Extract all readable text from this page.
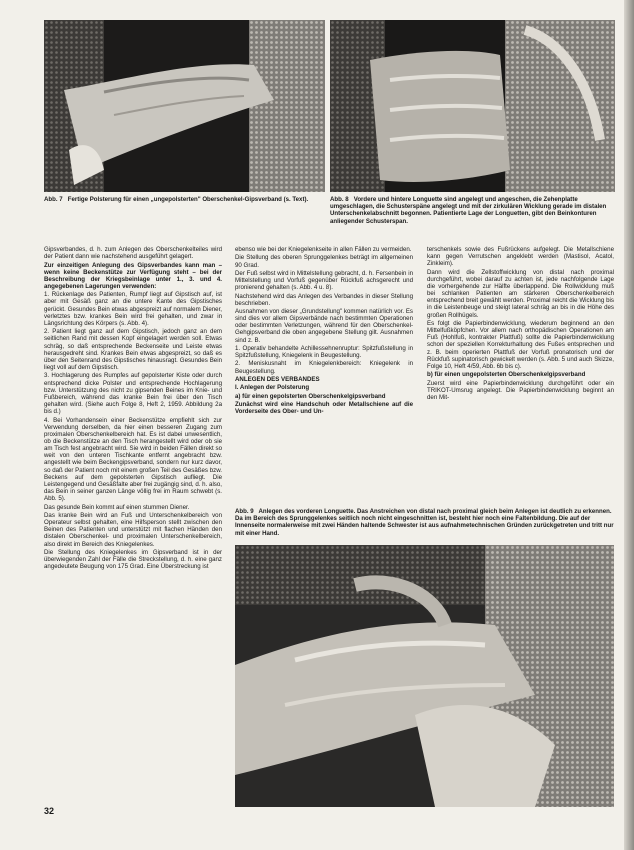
Abb. 7 Fertige Polsterung für einen „ungepolsterten" Oberschenkel-Gipsverband (s. Text).	Abb. 8 Vordere und hintere Longuette sind angelegt und angeschen, die Zehenplatte umgeschlagen, die Schusterspäne angelegt und mit der zirkulären Wicklung gerade im distalen Unterschenkelabschnitt begonnen. Patientierte Lage der Longuetten, gibt den Beinkonturen anliegender Schusterspan.

Gipsverbandes, d. h. zum Anlegen des Oberschenkelteiles wird der Patient dann wie nachstehend ausgeführt gelagert.

Zur einzeitigen Anlegung des Gipsverbandes kann man – wenn keine Beckenstütze zur Verfügung steht – bei der Beschreibung der Kriegsbeinlage unter 1., 3. und 4. angegebenen Lagerungen verwenden:

1. Rückenlage des Patienten, Rumpf liegt auf Gipstisch auf, ist aber mit Gesäß ganz an die untere Kante des Gipstisches gerückt. Gesundes Bein etwas abgespreizt auf normalem Diener, verletztes bzw. krankes Bein wird frei gehalten, und zwar in Längsrichtung des Körpers (s. Abb. 4).

2. Patient liegt ganz auf dem Gipstisch, jedoch ganz an dem seitlichen Rand mit dessen Kopf eingelagert werden soll. Etwas schräg, so daß entsprechende Beckenseite und Leiste etwas herausgedreht sind. Krankes Bein etwas abgespreizt, so daß es über den Seitenrand des Gipstisches hinausragt. Gesundes Bein liegt voll auf dem Gipstisch.

3. Hochlagerung des Rumpfes auf gepolsterter Kiste oder durch entsprechend dicke Polster und entsprechende Hochlagerung bzw. Unterstützung des nicht zu gipsenden Beines im Knie- und Fußbereich, während das kranke Bein frei über den Tisch gehalten wird. (Siehe auch Folge 8, Heft 2, 1959. Abbildung 2a bis d.)

4. Bei Vorhandensein einer Beckenstütze empfiehlt sich zur Verwendung derselben, da hier einen besseren Zugang zum proximalen Oberschenkelbereich hat. Es ist dabei unwesentlich, ob die Beckenstütze an den Tisch herangestellt wird oder ob sie am Tisch fest angebracht wird. Sie wird in beiden Fällen direkt so weit von den unteren Tischkante entfernt angebracht bzw. angestellt wie beim Beckengipsverband, sondern nur kurz davor, so daß der Patient noch mit einem großen Teil des Gesäßes bzw. Beckens auf dem gepolsterten Gipstisch aufliegt. Die Leistengegend und Gesäßfalte aber frei zugängig sind, d. h. also, das Bein in seiner ganzen Länge völlig frei im Raum schwebt (s. Abb. 5).

Das gesunde Bein kommt auf einen stummen Diener.

Das kranke Bein wird an Fuß und Unterschenkelbereich von Operateur selbst gehalten, eine Hilfsperson stellt zwischen den Beinen des Patienten und unterstützt mit flachen Händen den distalen Oberschenkel- und proximalen Unterschenkelbereich, also direkt im Bereich des Kniegelenkes.

Die Stellung des Kniegelenkes im Gipsverband ist in der überwiegenden Zahl der Fälle die Streckstellung, d. h. eine ganz angedeutete Beugung von 175 Grad. Eine Überstreckung ist

ebenso wie bei der Kniegelenkseite in allen Fällen zu vermeiden.

Die Stellung des oberen Sprunggelenkes beträgt im allgemeinen 90 Grad.

Der Fuß selbst wird in Mittelstellung gebracht, d. h. Fersenbein in Mittelstellung und Vorfuß gegenüber Rückfuß achsgerecht und pronierend gehalten (s. Abb. 4 u. 8).

Nachstehend wird das Anlegen des Verbandes in dieser Stellung beschrieben.

Ausnahmen von dieser „Grundstellung" kommen natürlich vor. Es sind dies vor allem Gipsverbände nach bestimmten Operationen oder bestimmten Verletzungen, während für den Oberschenkel-Gehgipsverband die oben angegebene Stellung gilt. Ausnahmen sind z. B.

1. Operativ behandelte Achillessehnenruptur: Spitzfußstellung in Spitzfußstellung, Kniegelenk in Beugestellung.

2. Meniskusnaht im Kniegelenkbereich: Kniegelenk in Beugestellung.

ANLEGEN DES VERBANDES

I. Anlegen der Polsterung

a) für einen gepolsterten Oberschenkelgipsverband

Zunächst wird eine Handschuh oder Metallschiene auf die Vorderseite des Ober- und Un-

terschenkels sowie des Fußrückens aufgelegt. Die Metallschiene kann gegen Verrutschen angeklebt werden (Mastisol, Acatol, Zinkleim).

Dann wird die Zellstoffwicklung von distal nach proximal durchgeführt, wobei darauf zu achten ist, jede nachfolgende Lage die vorhergehende zur Hälfte überlappend. Die Rollwicklung muß bei schlanken Patienten am stärkeren Oberschenkelbereich entsprechend breit gewählt werden. Proximal reicht die Wicklung bis in die Leistenbeuge und steigt lateral schräg an bis in die Höhe des großen Rollhügels.

Es folgt die Papierbindenwicklung, wiederum beginnend an den Mittelfußköpfchen. Vor allem nach orthopädischen Operationen am Fuß (Hohlfuß, kontrakter Plattfuß) sollte die Papierbindenwicklung schon der speziellen Korrekturhaltung des Fußes entsprechen und z. B. beim operierten Plattfuß der Vorfuß pronatorisch und der Rückfuß supinatorisch gewickelt werden (s. Abb. 5 und auch Skizze, Folge 10, Heft 4/59, Abb. 6b bis c).

b) für einen ungepolsterten Oberschenkelgipsverband

Zuerst wird eine Papierbindenwicklung durchgeführt oder ein TRIKOT-Umsrug angelegt. Die Papierbindenwicklung beginnt an den Mit-

Abb. 9 Anlegen des vorderen Longuette. Das Anstreichen von distal nach proximal gleich beim Anlegen ist deutlich zu erkennen. Da im Bereich des Sprunggelenkes seitlich noch nicht eingeschnitten ist, besteht hier noch eine Faltenbildung. Die auf der Innenseite normalerweise mit zwei Händen haltende Schwester ist aus aufnahmetechnischen Gründen zurückgetreten und tritt nur mit einer Hand.
32
